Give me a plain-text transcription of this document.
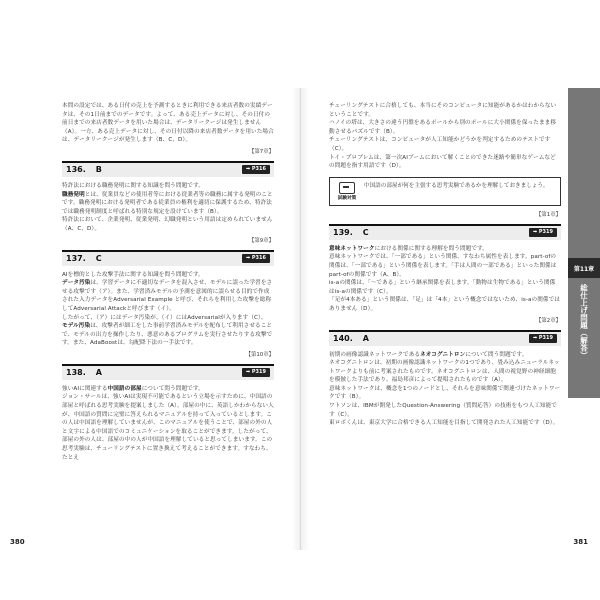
本問の設定では、ある日付の売上を予測するときに利用できる来店者数の実績データは、その1日前までのデータです。よって、ある売上データに対し、その日付の前日までの来店者数データを用いた場合は、データリークージは発生しません（A）。一方、ある売上データに対し、その日付以降の来店者数データを用いた場合は、データリークージが発生します（B、C、D）。

【第7章】
136. B	➡ P316

特許法における職務発明に関する知識を問う問題です。

職務発明とは、従業員などの使用者等における従業者等の職務に属する発明のことです。職務発明における発明者である従業員の権利を適切に保護するため、特許法では職務発明制度と呼ばれる特別な規定を設けています（B）。

特許法において、企業発明、従業発明、幻職発明という用語は定められていません（A、C、D）。

【第9章】
137. C	➡ P316

AIを標的とした攻撃手法に関する知識を問う問題です。

データ汚染は、学習データに不適切なデータを混入させ、モデルに誤った学習をさせる攻撃です（ア）。また、学習済みモデルの予測を意図的に誤らせる目的で作成された入力データをAdversarial Example と呼び、それらを利用した攻撃を総称してAdversarial Attackと呼びます（イ）。

したがって、（ア）にはデータ汚染が、（イ）にはAdversarialが入ります（C）。

モデル汚染は、攻撃者が細工をした事前学習済みモデルを配布して利用させることで、モデルの出力を操作したり、悪意のあるプログラムを実行させたりする攻撃です。また、AdaBoostは、勾配降下法の一手法です。

【第10章】
138. A	➡ P319

強いAIに関連する中国語の部屋について問う問題です。

ジョン・サールは、強いAIは実現不可能であるという立場を示すために、中国語の部屋と呼ばれる思考実験を提案しました（A）。部屋の中に、英語しかわからない人が、中国語の質問に完璧に答えられるマニュアルを持って入っているとします。この人は中国語を理解していませんが、このマニュアルを使うことで、部屋の外の人と文字による中国語でのコミュニケーションを取ることができます。したがって、部屋の外の人は、部屋の中の人が中国語を理解していると思ってしまいます。この思考実験は、チューリングテストに置き換えて考えることができます。すなわち、たとえ

380

チューリングテストに合格しても、本当にそのコンピュータに知能があるかはわからないということです。
ハノイの塔は、大きさの違う円盤をあるポールから別のポールに大小関係を保ったまま移動させるパズルです（B）。
チューリングテストは、コンピュータが人工知能かどうかを判定するためのテストです（C）。
トイ・プロブレムは、第一次AIブームにおいて解くことのできた迷路や簡単なゲームなどの問題を指す用語です（D）。

試験対策
中国語の部屋が何を主張する思考実験であるかを理解しておきましょう。
【第1章】
139. C	➡ P319

意味ネットワークにおける関係に関する理解を問う問題です。

意味ネットワークでは、「一部である」という関係、すなわち属性を表します。part-ofの関係は、「一部である」という関係を表します。「手は人間の一部である」といった関係はpart-ofの関係です（A、B）。

is-aの関係は、「〜である」という継承関係を表します。「動物は生物である」という関係はis-aの関係です（C）。

「足が4本ある」という関係は、「足」は「4本」という概念ではないため、is-aの関係ではありません（D）。

【第2章】
140. A	➡ P319

初期の画像認識ネットワークであるネオコグニトロンについて問う問題です。

ネオコグニトロンは、初期の画像認識ネットワークの1つであり、畳み込みニューラルネットワークよりも前に考案されたものです。ネオコグニトロンは、人間の視覚野の神経細胞を模倣した手法であり、福島邦彦によって提唱されたものです（A）。

意味ネットワークは、概念を1つのノードとし、それらを意味関係で関連づけたネットワークです（B）。

ワトソンは、IBMが開発したQuestion-Answering（質問応答）の技術をもつ人工知能です（C）。

東ロボくんは、東京大学に合格できる人工知能を目指して開発された人工知能です（D）。

第11章
総仕上げ問題（解答）
381
